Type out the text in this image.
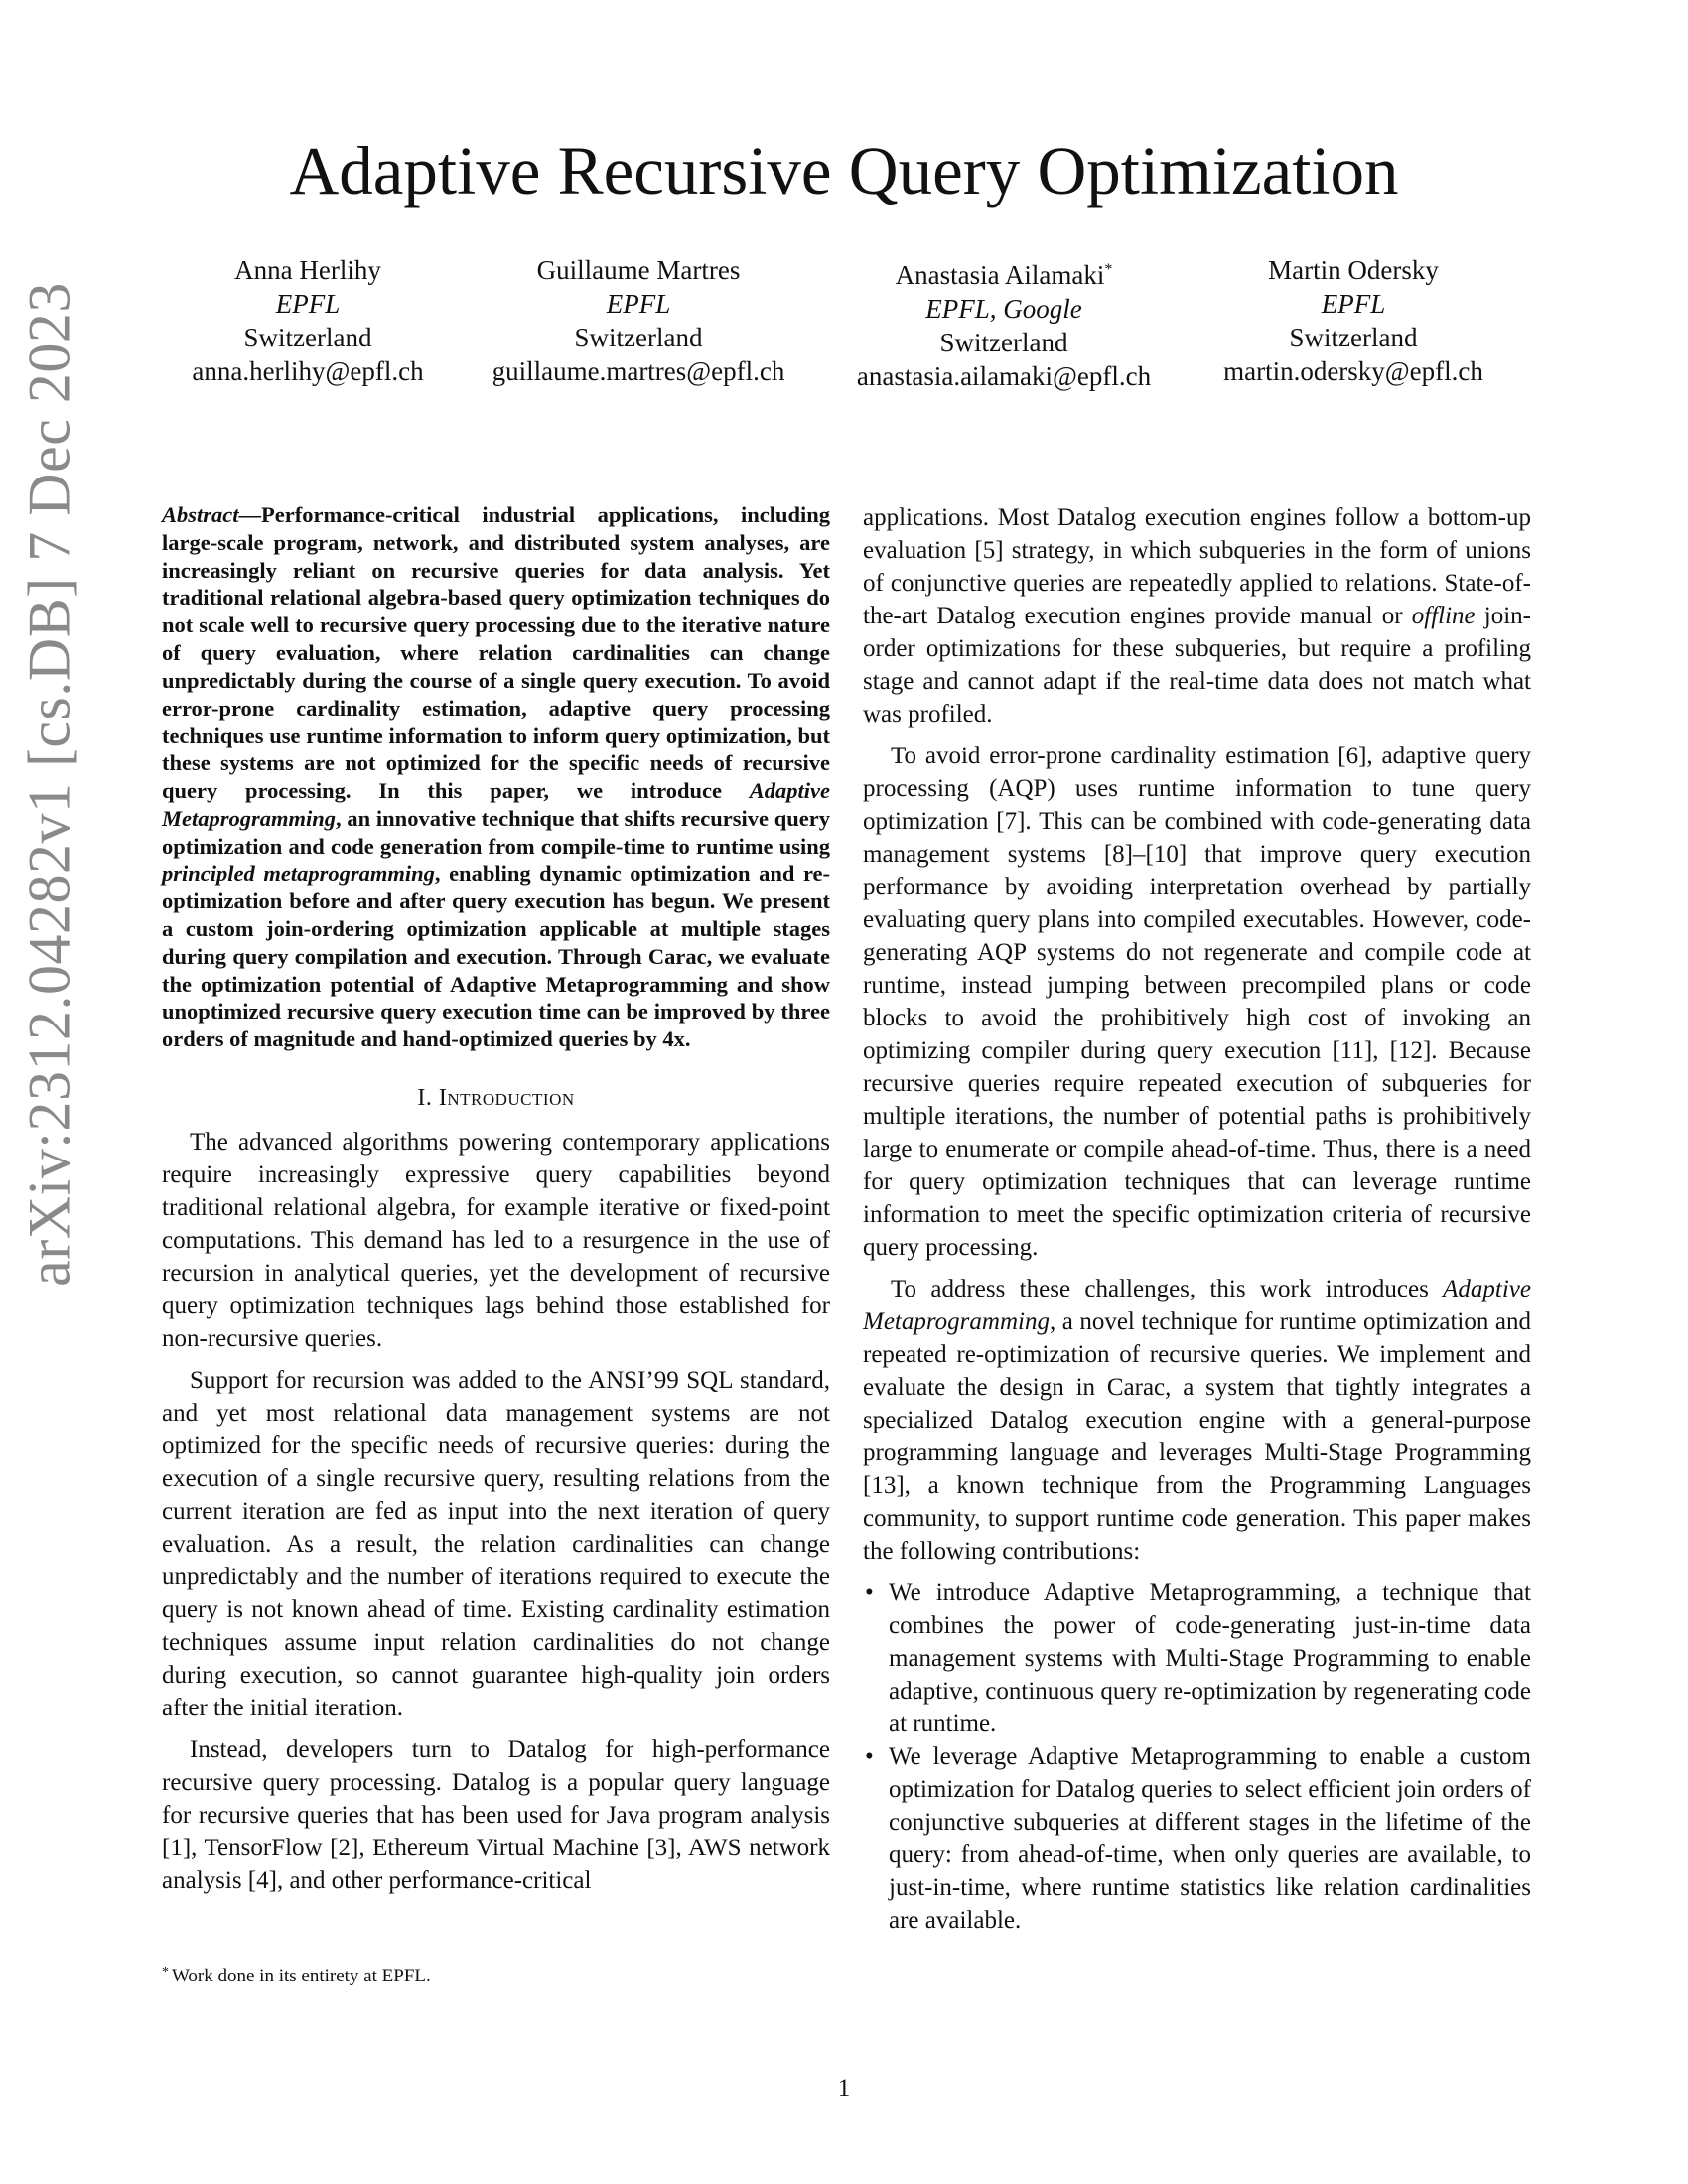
arXiv:2312.04282v1 [cs.DB] 7 Dec 2023
Adaptive Recursive Query Optimization
Anna Herlihy
EPFL
Switzerland
anna.herlihy@epfl.ch
Guillaume Martres
EPFL
Switzerland
guillaume.martres@epfl.ch
Anastasia Ailamaki*
EPFL, Google
Switzerland
anastasia.ailamaki@epfl.ch
Martin Odersky
EPFL
Switzerland
martin.odersky@epfl.ch

Abstract—Performance-critical industrial applications, including large-scale program, network, and distributed system analyses, are increasingly reliant on recursive queries for data analysis. Yet traditional relational algebra-based query optimization techniques do not scale well to recursive query processing due to the iterative nature of query evaluation, where relation cardinalities can change unpredictably during the course of a single query execution. To avoid error-prone cardinality estimation, adaptive query processing techniques use runtime information to inform query optimization, but these systems are not optimized for the specific needs of recursive query processing. In this paper, we introduce Adaptive Metaprogramming, an innovative technique that shifts recursive query optimization and code generation from compile-time to runtime using principled metaprogramming, enabling dynamic optimization and re-optimization before and after query execution has begun. We present a custom join-ordering optimization applicable at multiple stages during query compilation and execution. Through Carac, we evaluate the optimization potential of Adaptive Metaprogramming and show unoptimized recursive query execution time can be improved by three orders of magnitude and hand-optimized queries by 4x.

I. Introduction

The advanced algorithms powering contemporary applications require increasingly expressive query capabilities beyond traditional relational algebra, for example iterative or fixed-point computations. This demand has led to a resurgence in the use of recursion in analytical queries, yet the development of recursive query optimization techniques lags behind those established for non-recursive queries.

Support for recursion was added to the ANSI’99 SQL standard, and yet most relational data management systems are not optimized for the specific needs of recursive queries: during the execution of a single recursive query, resulting relations from the current iteration are fed as input into the next iteration of query evaluation. As a result, the relation cardinalities can change unpredictably and the number of iterations required to execute the query is not known ahead of time. Existing cardinality estimation techniques assume input relation cardinalities do not change during execution, so cannot guarantee high-quality join orders after the initial iteration.

Instead, developers turn to Datalog for high-performance recursive query processing. Datalog is a popular query language for recursive queries that has been used for Java program analysis [1], TensorFlow [2], Ethereum Virtual Machine [3], AWS network analysis [4], and other performance-critical

applications. Most Datalog execution engines follow a bottom-up evaluation [5] strategy, in which subqueries in the form of unions of conjunctive queries are repeatedly applied to relations. State-of-the-art Datalog execution engines provide manual or offline join-order optimizations for these subqueries, but require a profiling stage and cannot adapt if the real-time data does not match what was profiled.

To avoid error-prone cardinality estimation [6], adaptive query processing (AQP) uses runtime information to tune query optimization [7]. This can be combined with code-generating data management systems [8]–[10] that improve query execution performance by avoiding interpretation overhead by partially evaluating query plans into compiled executables. However, code-generating AQP systems do not regenerate and compile code at runtime, instead jumping between precompiled plans or code blocks to avoid the prohibitively high cost of invoking an optimizing compiler during query execution [11], [12]. Because recursive queries require repeated execution of subqueries for multiple iterations, the number of potential paths is prohibitively large to enumerate or compile ahead-of-time. Thus, there is a need for query optimization techniques that can leverage runtime information to meet the specific optimization criteria of recursive query processing.

To address these challenges, this work introduces Adaptive Metaprogramming, a novel technique for runtime optimization and repeated re-optimization of recursive queries. We implement and evaluate the design in Carac, a system that tightly integrates a specialized Datalog execution engine with a general-purpose programming language and leverages Multi-Stage Programming [13], a known technique from the Programming Languages community, to support runtime code generation. This paper makes the following contributions:

• We introduce Adaptive Metaprogramming, a technique that combines the power of code-generating just-in-time data management systems with Multi-Stage Programming to enable adaptive, continuous query re-optimization by regenerating code at runtime.
• We leverage Adaptive Metaprogramming to enable a custom optimization for Datalog queries to select efficient join orders of conjunctive subqueries at different stages in the lifetime of the query: from ahead-of-time, when only queries are available, to just-in-time, where runtime statistics like relation cardinalities are available.
* Work done in its entirety at EPFL.
1
